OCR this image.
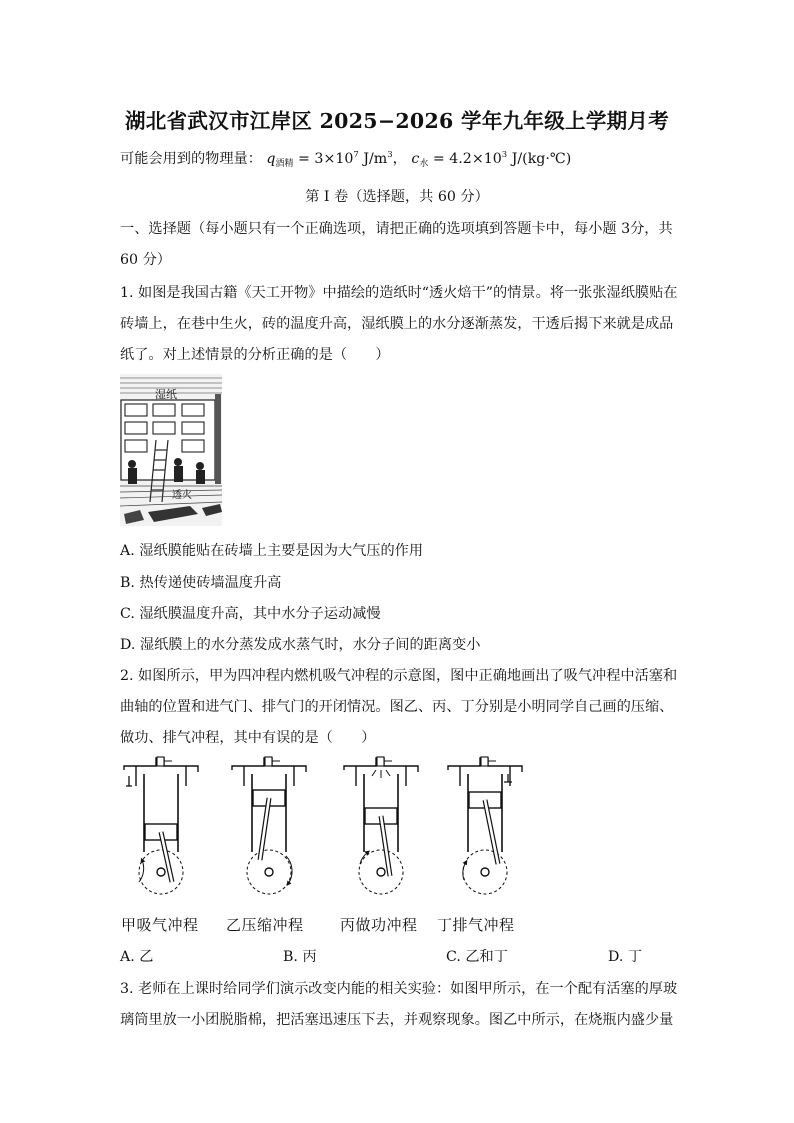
湖北省武汉市江岸区 2025−2026 学年九年级上学期月考
可能会用到的物理量： $q_{酒精} = 3\times 10^7$ $J/m^3$， $c_水 = 4.2\times 10^3$ J/(kg·℃)
第 I 卷（选择题，共 60 分）
一、选择题（每小题只有一个正确选项，请把正确的选项填到答题卡中，每小题 3分，共
60 分）
1. 如图是我国古籍《天工开物》中描绘的造纸时“透火焙干”的情景。将一张张湿纸膜贴在
砖墙上，在巷中生火，砖的温度升高，湿纸膜上的水分逐渐蒸发，干透后揭下来就是成品
纸了。对上述情景的分析正确的是（　　）
湿纸
透火
A. 湿纸膜能贴在砖墙上主要是因为大气压的作用
B. 热传递使砖墙温度升高
C. 湿纸膜温度升高，其中水分子运动减慢
D. 湿纸膜上的水分蒸发成水蒸气时，水分子间的距离变小
2. 如图所示，甲为四冲程内燃机吸气冲程的示意图，图中正确地画出了吸气冲程中活塞和
曲轴的位置和进气门、排气门的开闭情况。图乙、丙、丁分别是小明同学自己画的压缩、
做功、排气冲程，其中有误的是（　　）
甲吸气冲程 乙压缩冲程 丙做功冲程 丁排气冲程
A. 乙	B. 丙	C. 乙和丁	D. 丁
3. 老师在上课时给同学们演示改变内能的相关实验：如图甲所示，在一个配有活塞的厚玻
璃筒里放一小团脱脂棉，把活塞迅速压下去，并观察现象。图乙中所示，在烧瓶内盛少量
